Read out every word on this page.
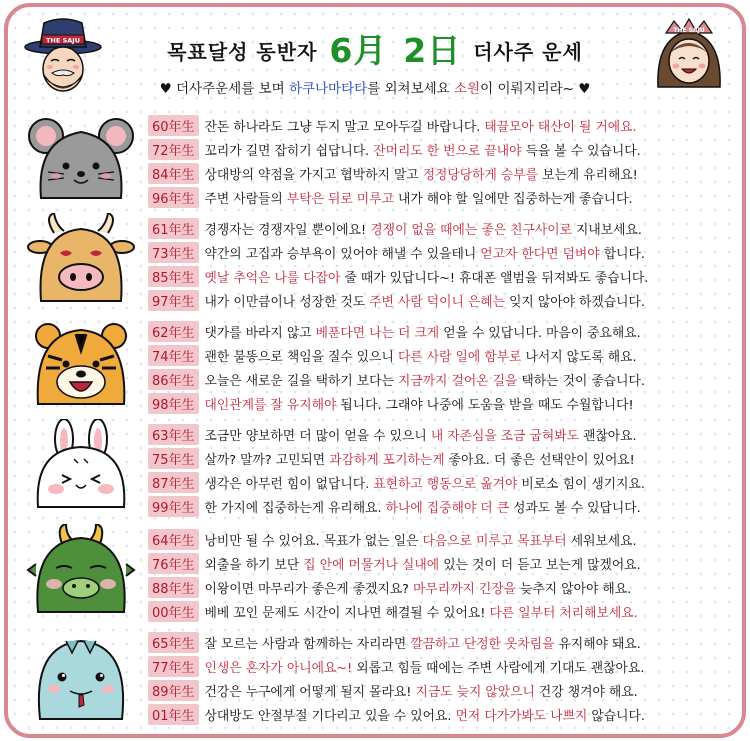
THE SAJU	목표달성 동반자 6月 2日 더사주 운세
♥ 더사주운세를 보며 하쿠나마타타를 외쳐보세요 소원이 이뤄지리라~ ♥
THE SAJU
60年生 잔돈 하나라도 그냥 두지 말고 모아두길 바랍니다. 태끌모아 태산이 될 거에요.
72年生 꼬리가 길면 잡히기 쉽답니다. 잔머리도 한 번으로 끝내야 득을 볼 수 있습니다.
84年生 상대방의 약점을 가지고 협박하지 말고 정정당당하게 승부를 보는게 유리해요!
96年生 주변 사람들의 부탁은 뒤로 미루고 내가 해야 할 일에만 집중하는게 좋습니다.
61年生 경쟁자는 경쟁자일 뿐이에요! 경쟁이 없을 때에는 좋은 친구사이로 지내보세요.
73年生 약간의 고집과 승부욕이 있어야 해낼 수 있을테니 얻고자 한다면 덤벼야 합니다.
85年生 옛날 추억은 나를 다잡아 줄 때가 있답니다~! 휴대폰 앨범을 뒤져봐도 좋습니다.
97年生 내가 이만큼이나 성장한 것도 주변 사람 덕이니 은혜는 잊지 않아야 하겠습니다.
62年生 댓가를 바라지 않고 베푼다면 나는 더 크게 얻을 수 있답니다. 마음이 중요해요.
74年生 괜한 불똥으로 책임을 질수 있으니 다른 사람 일에 함부로 나서지 않도록 해요.
86年生 오늘은 새로운 길을 택하기 보다는 지금까지 걸어온 길을 택하는 것이 좋습니다.
98年生 대인관계를 잘 유지해야 됩니다. 그래야 나중에 도움을 받을 때도 수월합니다!
63年生 조금만 양보하면 더 많이 얻을 수 있으니 내 자존심을 조금 굽혀봐도 괜찮아요.
75年生 살까? 말까? 고민되면 과감하게 포기하는게 좋아요. 더 좋은 선택안이 있어요!
87年生 생각은 아무런 힘이 없답니다. 표현하고 행동으로 옮겨야 비로소 힘이 생기지요.
99年生 한 가지에 집중하는게 유리해요. 하나에 집중해야 더 큰 성과도 볼 수 있답니다.
64年生 낭비만 될 수 있어요. 목표가 없는 일은 다음으로 미루고 목표부터 세워보세요.
76年生 외출을 하기 보단 집 안에 머물거나 실내에 있는 것이 더 듣고 보는게 많겠어요.
88年生 이왕이면 마무리가 좋은게 좋겠지요? 마무리까지 긴장을 늦추지 않아야 해요.
00年生 베베 꼬인 문제도 시간이 지나면 해결될 수 있어요! 다른 일부터 처리해보세요.
65年生 잘 모르는 사람과 함께하는 자리라면 깔끔하고 단정한 옷차림을 유지해야 돼요.
77年生 인생은 혼자가 아니에요~! 외롭고 힘들 때에는 주변 사람에게 기대도 괜찮아요.
89年生 건강은 누구에게 어떻게 될지 몰라요! 지금도 늦지 않았으니 건강 챙겨야 해요.
01年生 상대방도 안절부절 기다리고 있을 수 있어요. 먼저 다가가봐도 나쁘지 않습니다.
